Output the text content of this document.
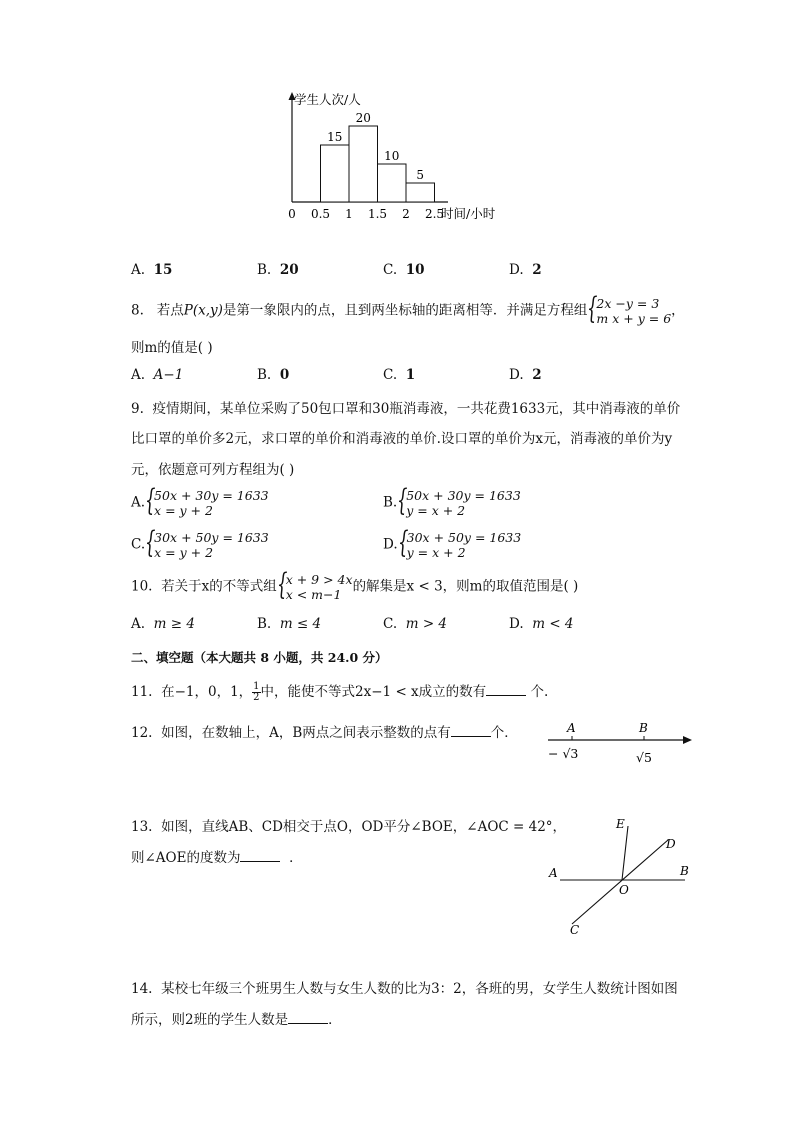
学生人次/人
时间/小时
15
20
10
5
0 0.5 1 1.5 2 2.5
A. 15	B. 20	C. 10	D. 2
8. 若点P(x,y)是第一象限内的点，且到两坐标轴的距离相等．并满足方程组 {
2x −y = 3
m x + y = 6 ，
则m的值是( )
A. A−1	B. 0	C. 1	D. 2
9. 疫情期间，某单位采购了50包口罩和30瓶消毒液，一共花费1633元，其中消毒液的单价
比口罩的单价多2元，求口罩的单价和消毒液的单价.设口罩的单价为x元，消毒液的单价为y
元，依题意可列方程组为( )
A. {
50x + 30y = 1633
x = y + 2	B. {
50x + 30y = 1633
y = x + 2
C. {
30x + 50y = 1633
x = y + 2	D. {
30x + 50y = 1633
y = x + 2
10. 若关于x的不等式组 {
x + 9 > 4x
x < m−1 的解集是x < 3，则m的取值范围是( )
A. m ≥ 4	B. m ≤ 4	C. m > 4	D. m < 4
二、填空题（本大题共 8 小题，共 24.0 分）
11. 在−1，0，1， $\frac{1}{2}$ 中，能使不等式2x−1 < x成立的数有	个.
12. 如图，在数轴上，A，B两点之间表示整数的点有	个．	A	B
− √3	√5
13. 如图，直线AB、CD相交于点O，OD平分∠BOE，∠AOC = 42°，
则∠AOE的度数为	．
E
D
A	B
O
C
14. 某校七年级三个班男生人数与女生人数的比为3：2，各班的男，女学生人数统计图如图
所示，则2班的学生人数是	．
